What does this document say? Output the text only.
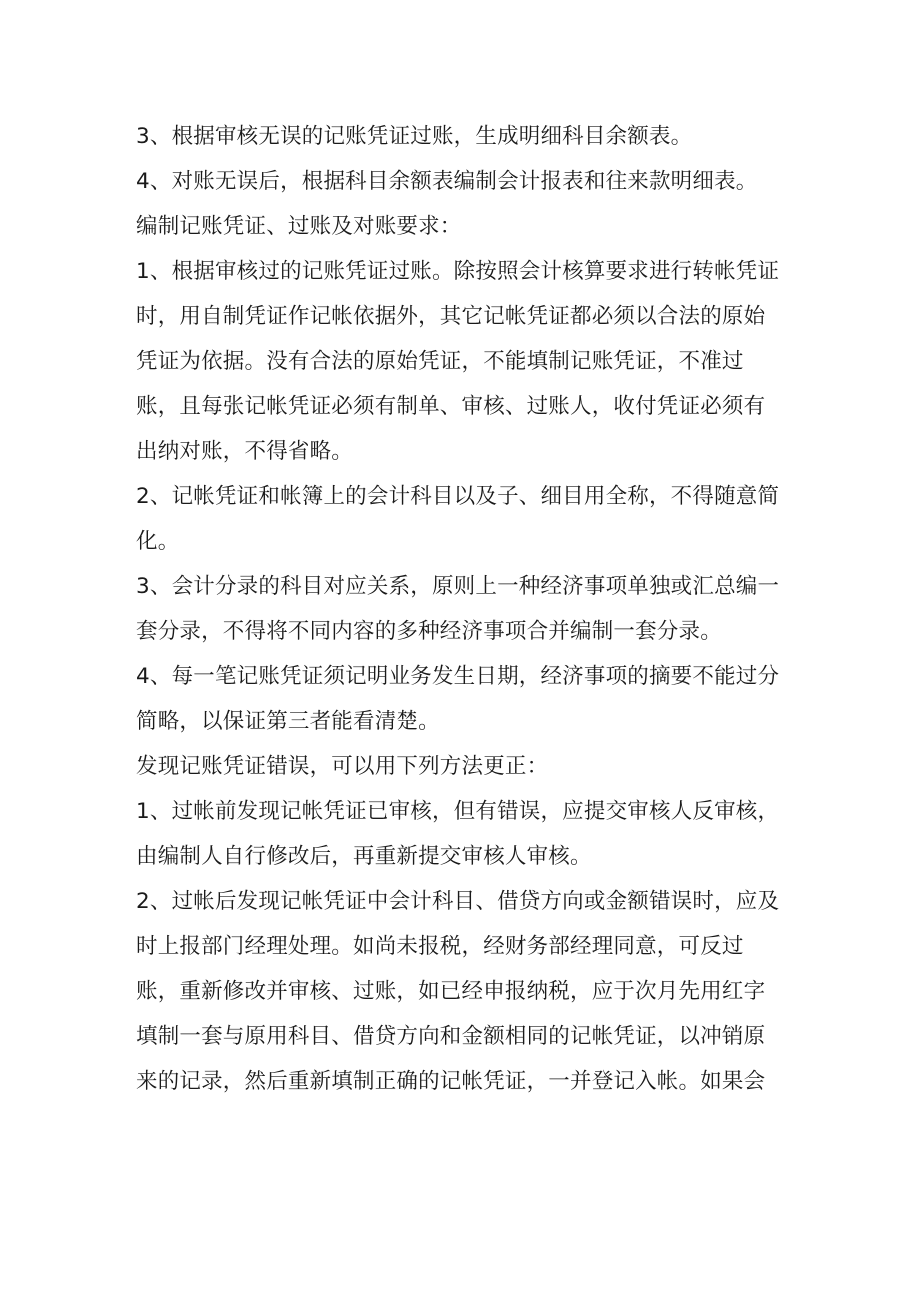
3、根据审核无误的记账凭证过账，生成明细科目余额表。
4、对账无误后，根据科目余额表编制会计报表和往来款明细表。
编制记账凭证、过账及对账要求：
1、根据审核过的记账凭证过账。除按照会计核算要求进行转帐凭证
时，用自制凭证作记帐依据外，其它记帐凭证都必须以合法的原始
凭证为依据。没有合法的原始凭证，不能填制记账凭证，不准过
账，且每张记帐凭证必须有制单、审核、过账人，收付凭证必须有
出纳对账，不得省略。
2、记帐凭证和帐簿上的会计科目以及子、细目用全称，不得随意简
化。
3、会计分录的科目对应关系，原则上一种经济事项单独或汇总编一
套分录，不得将不同内容的多种经济事项合并编制一套分录。
4、每一笔记账凭证须记明业务发生日期，经济事项的摘要不能过分
简略，以保证第三者能看清楚。
发现记账凭证错误，可以用下列方法更正：
1、过帐前发现记帐凭证已审核，但有错误，应提交审核人反审核，
由编制人自行修改后，再重新提交审核人审核。
2、过帐后发现记帐凭证中会计科目、借贷方向或金额错误时，应及
时上报部门经理处理。如尚未报税，经财务部经理同意，可反过
账，重新修改并审核、过账，如已经申报纳税，应于次月先用红字
填制一套与原用科目、借贷方向和金额相同的记帐凭证，以冲销原
来的记录，然后重新填制正确的记帐凭证，一并登记入帐。如果会
